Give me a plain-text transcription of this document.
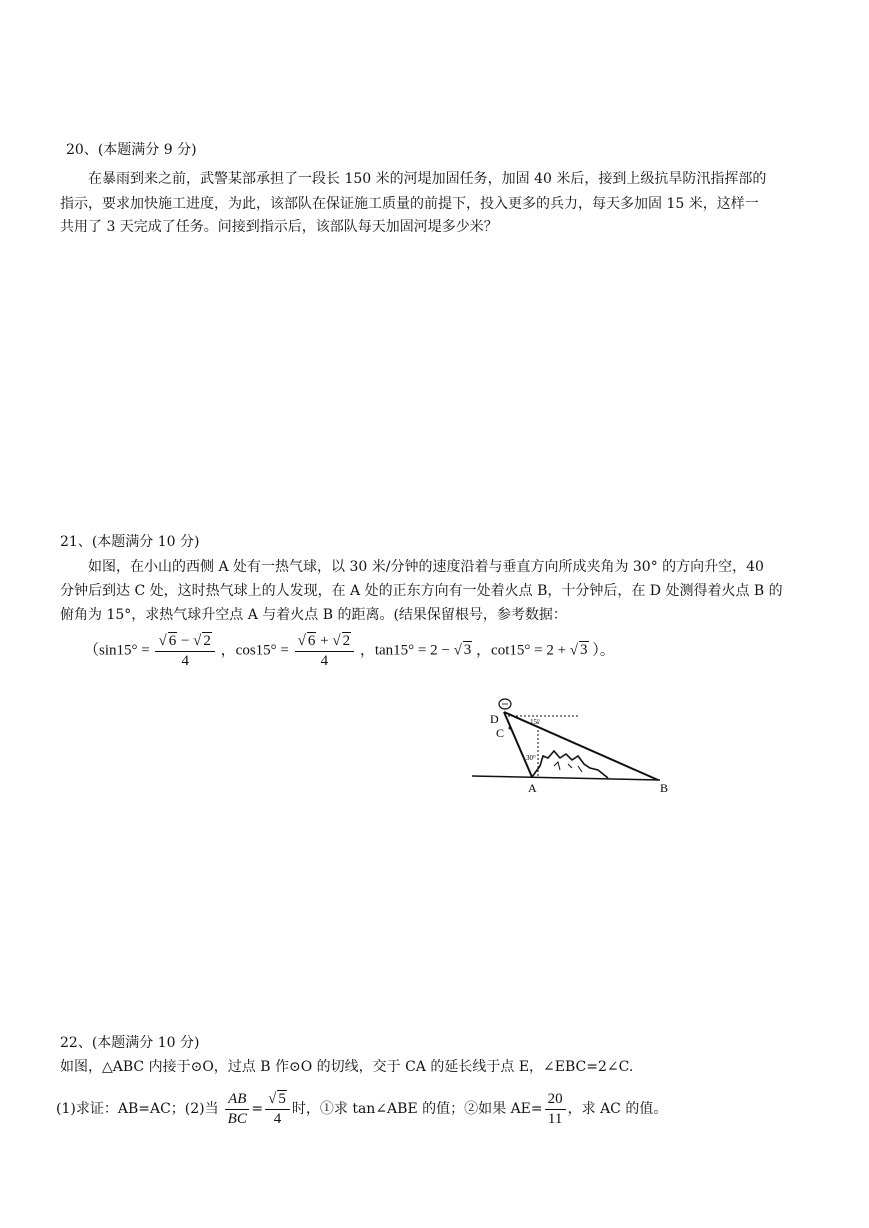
20、(本题满分 9 分)
在暴雨到来之前，武警某部承担了一段长 150 米的河堤加固任务，加固 40 米后，接到上级抗旱防汛指挥部的
指示，要求加快施工进度，为此，该部队在保证施工质量的前提下，投入更多的兵力，每天多加固 15 米，这样一
共用了 3 天完成了任务。问接到指示后，该部队每天加固河堤多少米？
21、(本题满分 10 分)
如图，在小山的西侧 A 处有一热气球，以 30 米/分钟的速度沿着与垂直方向所成夹角为 30° 的方向升空，40
分钟后到达 C 处，这时热气球上的人发现，在 A 处的正东方向有一处着火点 B，十分钟后，在 D 处测得着火点 B 的
俯角为 15°，求热气球升空点 A 与着火点 B 的距离。(结果保留根号，参考数据：
（$\sin 15^\circ = \frac{√ 6 - √ 2}{4}$ ，$\cos 15^\circ = \frac{√ 6 + √ 2}{4}$ ，tan15° = 2 − √ 3 ，cot15° = 2 + √ 3 ）。
15°
30°
D
C
A	B
22、(本题满分 10 分)
如图，△ABC 内接于⊙O，过点 B 作⊙O 的切线，交于 CA 的延长线于点 E，∠EBC=2∠C.
(1)求证：AB=AC；(2)当 $\frac{AB}{BC} = \frac{√ 5}{4}$ 时，①求 tan∠ABE 的值；②如果 $AE= \frac{20}{11}$ ，求 AC 的值。
